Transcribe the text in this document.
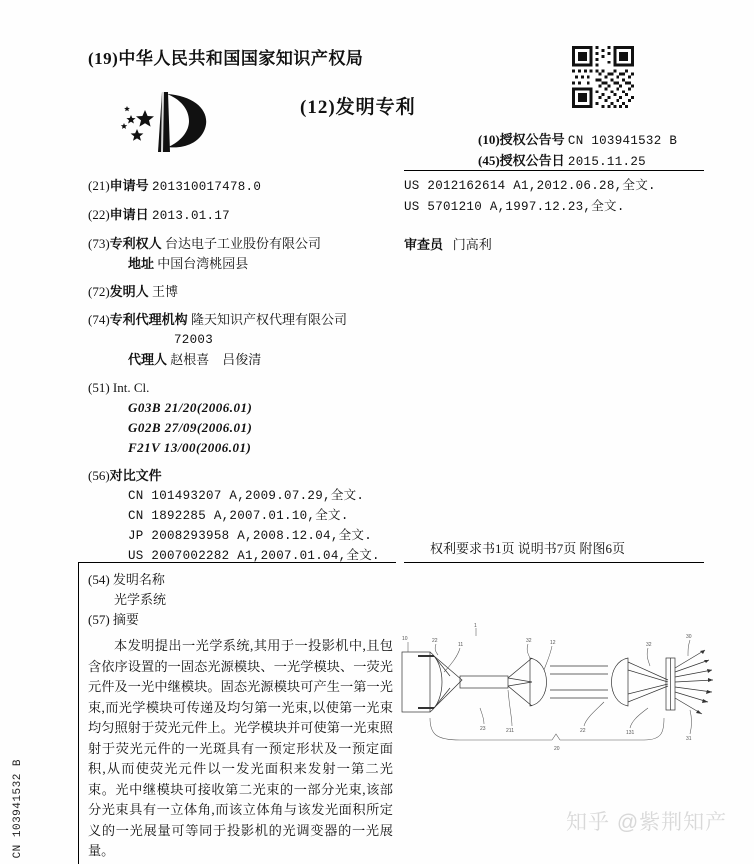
CN 103941532 B
(19)中华人民共和国国家知识产权局
(12)发明专利
(10)授权公告号 CN 103941532 B
(45)授权公告日 2015.11.25
(21)申请号 201310017478.0
(22)申请日 2013.01.17
(73)专利权人 台达电子工业股份有限公司
地址 中国台湾桃园县
(72)发明人 王博
(74)专利代理机构 隆天知识产权代理有限公司
72003
代理人 赵根喜 吕俊清
(51) Int. Cl.
G03B 21/20(2006.01)
G02B 27/09(2006.01)
F21V 13/00(2006.01)
(56)对比文件
CN 101493207 A,2009.07.29,全文.
CN 1892285 A,2007.01.10,全文.
JP 2008293958 A,2008.12.04,全文.
US 2007002282 A1,2007.01.04,全文.
US 2012162614 A1,2012.06.28,全文.
US 5701210 A,1997.12.23,全文.
审查员 门高利
权利要求书1页 说明书7页 附图6页
(54) 发明名称
光学系统
(57) 摘要
本发明提出一光学系统,其用于一投影机中,且包含依序设置的一固态光源模块、一光学模块、一荧光元件及一光中继模块。固态光源模块可产生一第一光束,而光学模块可传递及均匀第一光束,以使第一光束均匀照射于荧光元件上。光学模块并可使第一光束照射于荧光元件的一光斑具有一预定形状及一预定面积,从而使荧光元件以一发光面积来发射一第二光束。光中继模块可接收第二光束的一部分光束,该部分光束具有一立体角,而该立体角与该发光面积所定义的一光展量可等同于投影机的光调变器的一光展量。
1
10	22
11
32	12	32
30
23	211	22	131
31
20
知乎 @紫荆知产
